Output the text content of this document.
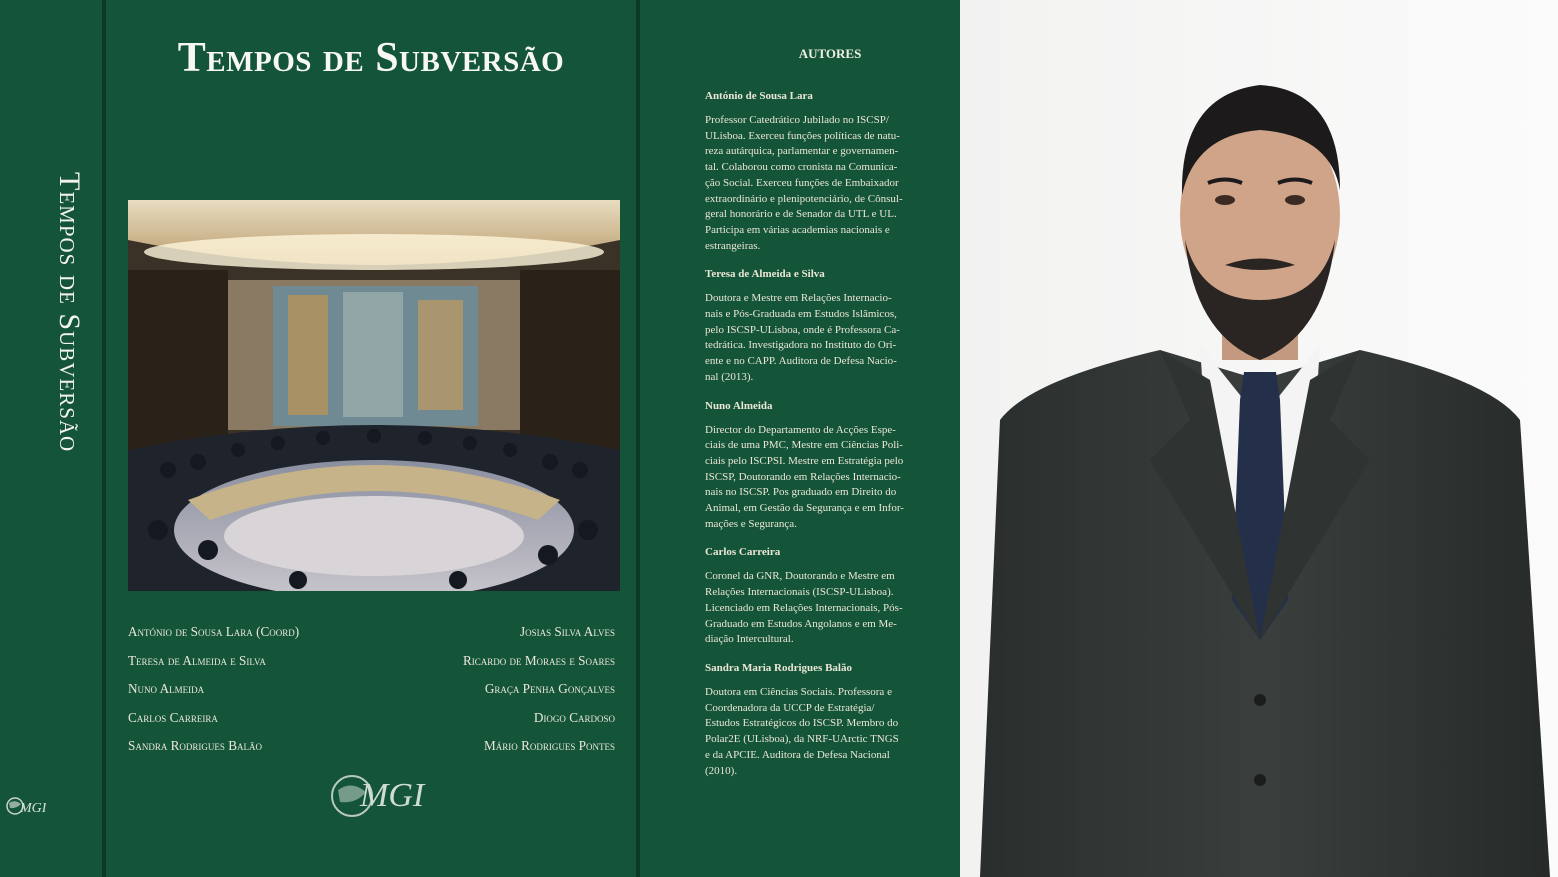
Tempos de Subversão
MGI
Tempos de Subversão
António de Sousa Lara (Coord)
Teresa de Almeida e Silva
Nuno Almeida
Carlos Carreira
Sandra Rodrigues Balão
Josias Silva Alves
Ricardo de Moraes e Soares
Graça Penha Gonçalves
Diogo Cardoso
Mário Rodrigues Pontes
MGI
AUTORES
António de Sousa Lara
Professor Catedrático Jubilado no ISCSP/
ULisboa. Exerceu funções políticas de natu-
reza autárquica, parlamentar e governamen-
tal. Colaborou como cronista na Comunica-
ção Social. Exerceu funções de Embaixador
extraordinário e plenipotenciário, de Cônsul-
geral honorário e de Senador da UTL e UL.
Participa em várias academias nacionais e
estrangeiras.
Teresa de Almeida e Silva
Doutora e Mestre em Relações Internacio-
nais e Pós-Graduada em Estudos Islâmicos,
pelo ISCSP-ULisboa, onde é Professora Ca-
tedrática. Investigadora no Instituto do Ori-
ente e no CAPP. Auditora de Defesa Nacio-
nal (2013).
Nuno Almeida
Director do Departamento de Acções Espe-
ciais de uma PMC, Mestre em Ciências Poli-
ciais pelo ISCPSI. Mestre em Estratégia pelo
ISCSP, Doutorando em Relações Internacio-
nais no ISCSP. Pos graduado em Direito do
Animal, em Gestão da Segurança e em Infor-
mações e Segurança.
Carlos Carreira
Coronel da GNR, Doutorando e Mestre em
Relações Internacionais (ISCSP-ULisboa).
Licenciado em Relações Internacionais, Pós-
Graduado em Estudos Angolanos e em Me-
diação Intercultural.
Sandra Maria Rodrigues Balão
Doutora em Ciências Sociais. Professora e
Coordenadora da UCCP de Estratégia/
Estudos Estratégicos do ISCSP. Membro do
Polar2E (ULisboa), da NRF-UArctic TNGS
e da APCIE. Auditora de Defesa Nacional
(2010).
